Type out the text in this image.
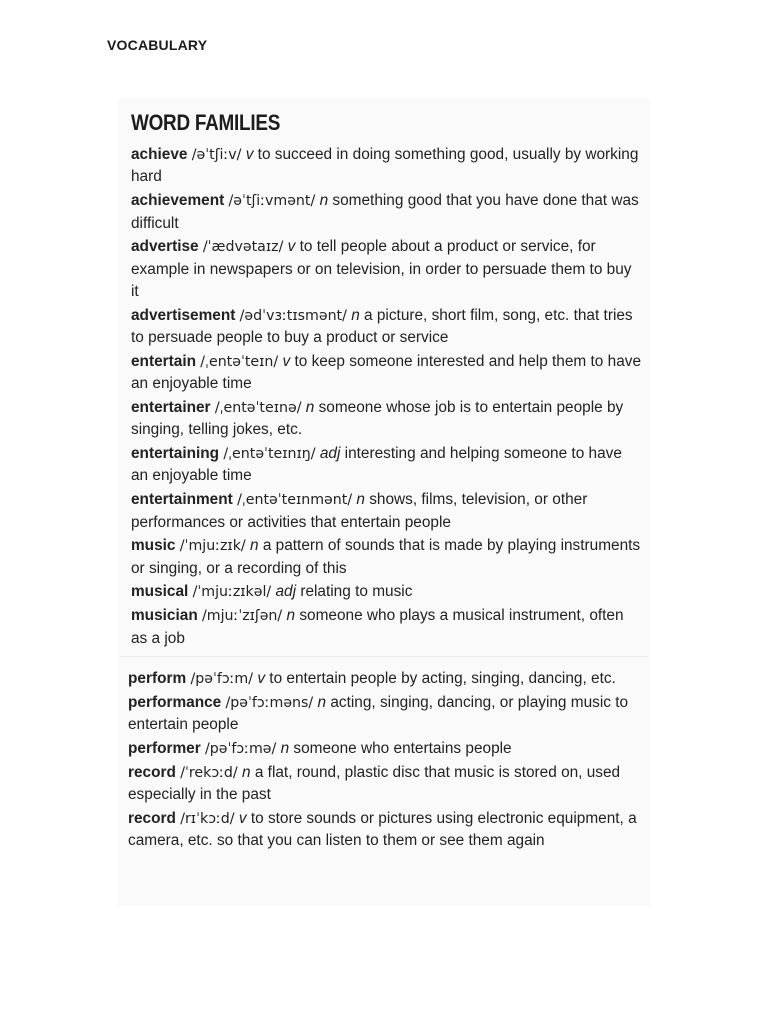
VOCABULARY
WORD FAMILIES
achieve /əˈtʃiːv/ v to succeed in doing something good, usually by working hard
achievement /əˈtʃiːvmənt/ n something good that you have done that was difficult
advertise /ˈædvətaɪz/ v to tell people about a product or service, for example in newspapers or on television, in order to persuade them to buy it
advertisement /ədˈvɜːtɪsmənt/ n a picture, short film, song, etc. that tries to persuade people to buy a product or service
entertain /ˌentəˈteɪn/ v to keep someone interested and help them to have an enjoyable time
entertainer /ˌentəˈteɪnə/ n someone whose job is to entertain people by singing, telling jokes, etc.
entertaining /ˌentəˈteɪnɪŋ/ adj interesting and helping someone to have an enjoyable time
entertainment /ˌentəˈteɪnmənt/ n shows, films, television, or other performances or activities that entertain people
music /ˈmjuːzɪk/ n a pattern of sounds that is made by playing instruments or singing, or a recording of this
musical /ˈmjuːzɪkəl/ adj relating to music
musician /mjuːˈzɪʃən/ n someone who plays a musical instrument, often as a job
perform /pəˈfɔːm/ v to entertain people by acting, singing, dancing, etc.
performance /pəˈfɔːməns/ n acting, singing, dancing, or playing music to entertain people
performer /pəˈfɔːmə/ n someone who entertains people
record /ˈrekɔːd/ n a flat, round, plastic disc that music is stored on, used especially in the past
record /rɪˈkɔːd/ v to store sounds or pictures using electronic equipment, a camera, etc. so that you can listen to them or see them again
